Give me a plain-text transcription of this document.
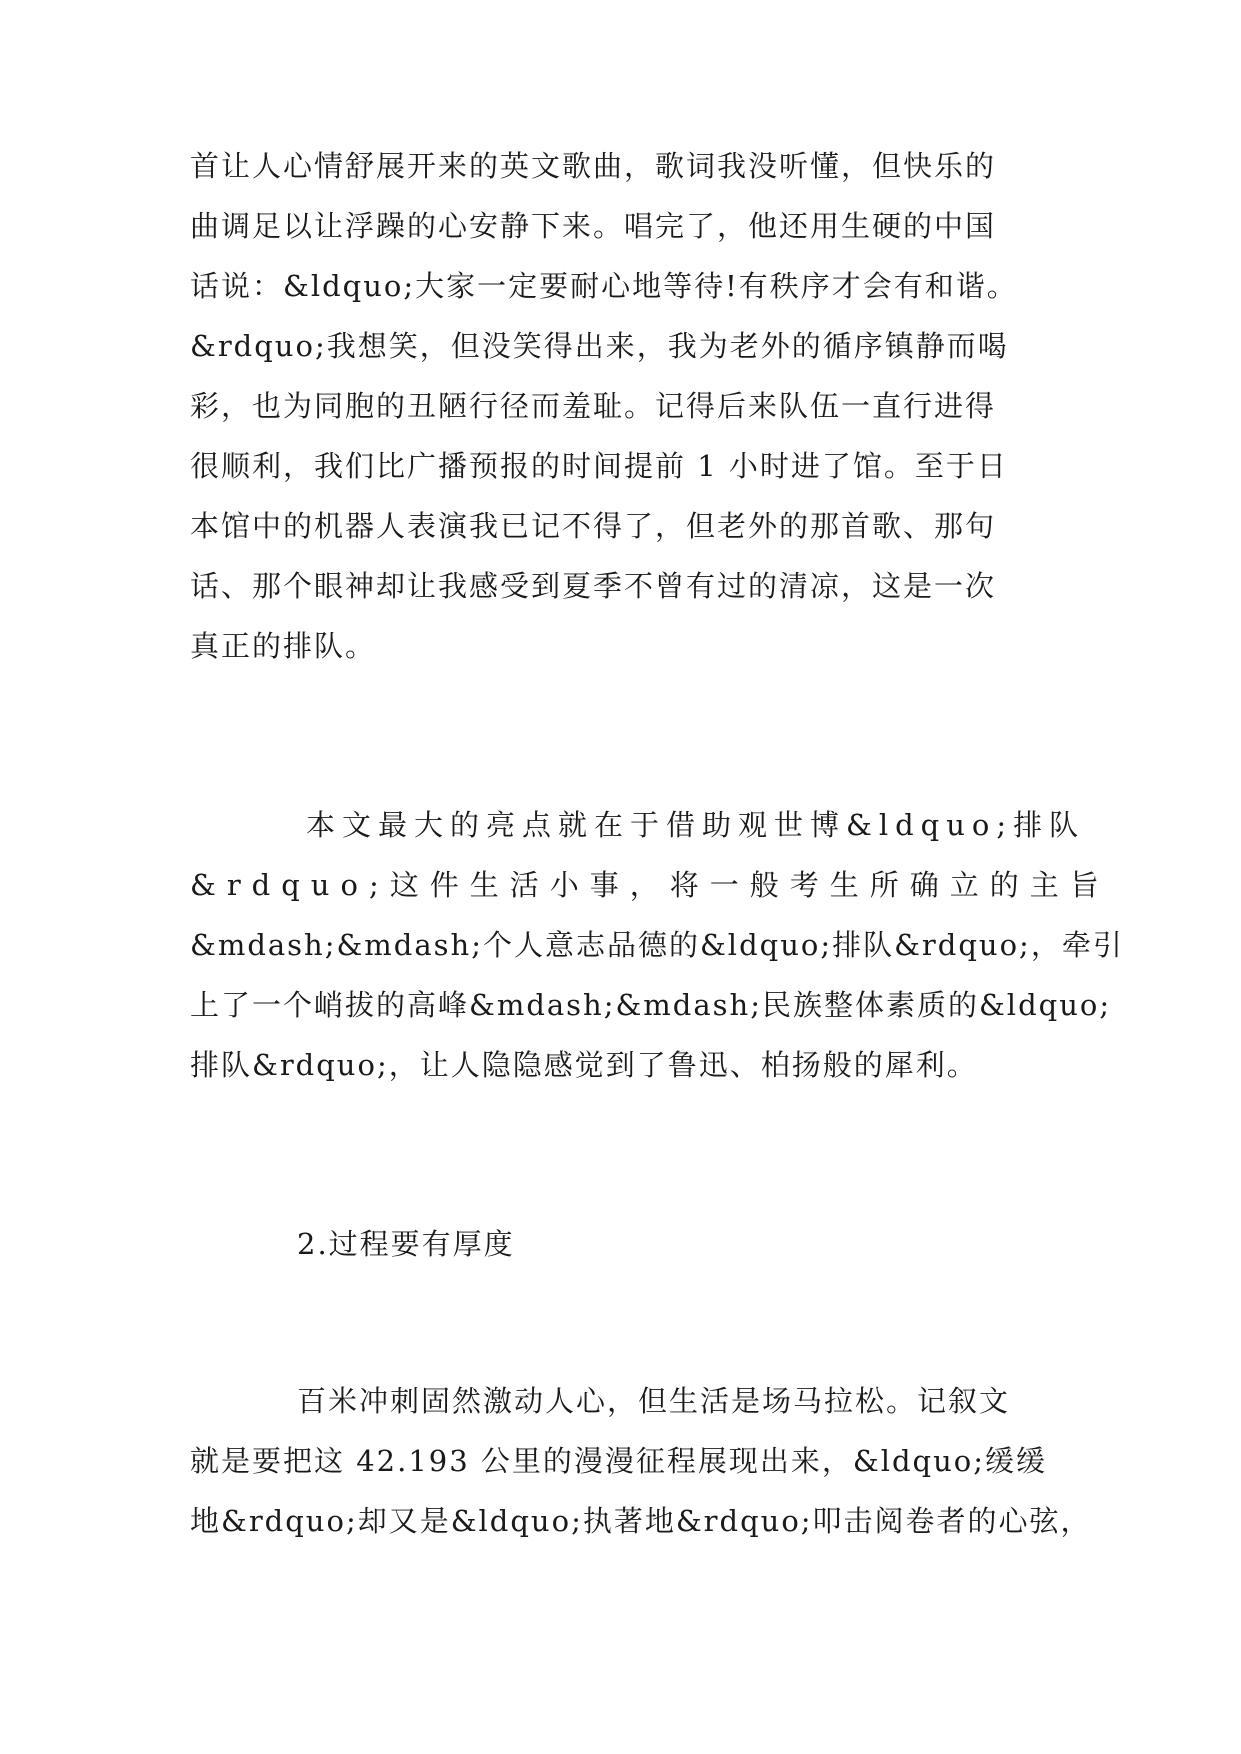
首让人心情舒展开来的英文歌曲，歌词我没听懂，但快乐的
曲调足以让浮躁的心安静下来。唱完了，他还用生硬的中国
话说：&ldquo;大家一定要耐心地等待!有秩序才会有和谐。
&rdquo;我想笑，但没笑得出来，我为老外的循序镇静而喝
彩，也为同胞的丑陋行径而羞耻。记得后来队伍一直行进得
很顺利，我们比广播预报的时间提前 1 小时进了馆。至于日
本馆中的机器人表演我已记不得了，但老外的那首歌、那句
话、那个眼神却让我感受到夏季不曾有过的清凉，这是一次
真正的排队。
本文最大的亮点就在于借助观世博&ldquo;排队
&rdquo;这件生活小事，将一般考生所确立的主旨
&mdash;&mdash;个人意志品德的&ldquo;排队&rdquo;，牵引
上了一个峭拔的高峰&mdash;&mdash;民族整体素质的&ldquo;
排队&rdquo;，让人隐隐感觉到了鲁迅、柏扬般的犀利。
2.过程要有厚度
百米冲刺固然激动人心，但生活是场马拉松。记叙文
就是要把这 42.193 公里的漫漫征程展现出来，&ldquo;缓缓
地&rdquo;却又是&ldquo;执著地&rdquo;叩击阅卷者的心弦，
